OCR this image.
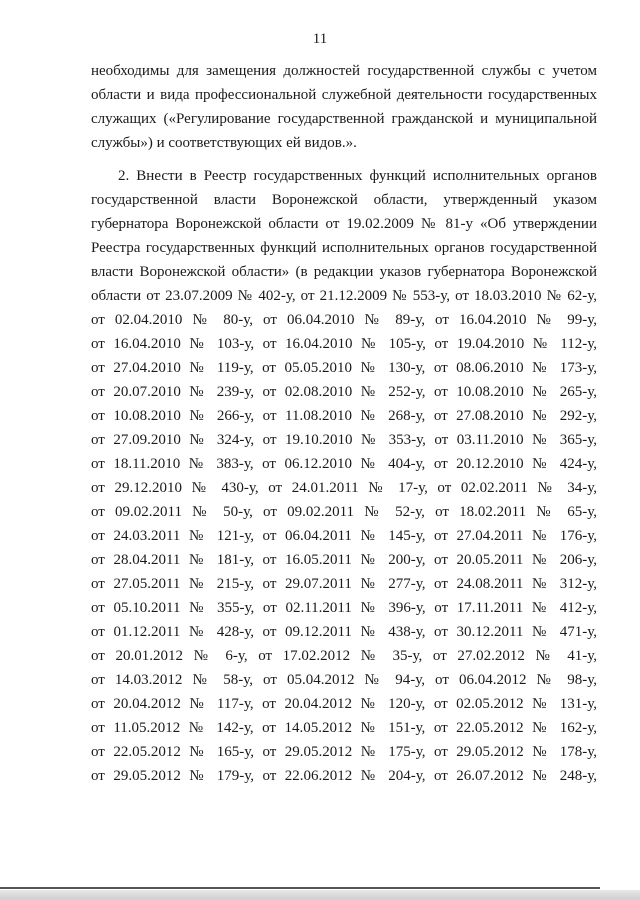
11
необходимы для замещения должностей государственной службы с учетом
области и вида профессиональной служебной деятельности государственных
служащих («Регулирование государственной гражданской и муниципальной
службы») и соответствующих ей видов.».
2. Внести в Реестр государственных функций исполнительных органов
государственной власти Воронежской области, утвержденный указом
губернатора Воронежской области от 19.02.2009 № 81-у «Об утверждении
Реестра государственных функций исполнительных органов государственной
власти Воронежской области» (в редакции указов губернатора Воронежской
области от 23.07.2009 № 402-у, от 21.12.2009 № 553-у, от 18.03.2010 № 62-у,
от 02.04.2010 № 80-у, от 06.04.2010 № 89-у, от 16.04.2010 № 99-у,
от 16.04.2010 № 103-у, от 16.04.2010 № 105-у, от 19.04.2010 № 112-у,
от 27.04.2010 № 119-у, от 05.05.2010 № 130-у, от 08.06.2010 № 173-у,
от 20.07.2010 № 239-у, от 02.08.2010 № 252-у, от 10.08.2010 № 265-у,
от 10.08.2010 № 266-у, от 11.08.2010 № 268-у, от 27.08.2010 № 292-у,
от 27.09.2010 № 324-у, от 19.10.2010 № 353-у, от 03.11.2010 № 365-у,
от 18.11.2010 № 383-у, от 06.12.2010 № 404-у, от 20.12.2010 № 424-у,
от 29.12.2010 № 430-у, от 24.01.2011 № 17-у, от 02.02.2011 № 34-у,
от 09.02.2011 № 50-у, от 09.02.2011 № 52-у, от 18.02.2011 № 65-у,
от 24.03.2011 № 121-у, от 06.04.2011 № 145-у, от 27.04.2011 № 176-у,
от 28.04.2011 № 181-у, от 16.05.2011 № 200-у, от 20.05.2011 № 206-у,
от 27.05.2011 № 215-у, от 29.07.2011 № 277-у, от 24.08.2011 № 312-у,
от 05.10.2011 № 355-у, от 02.11.2011 № 396-у, от 17.11.2011 № 412-у,
от 01.12.2011 № 428-у, от 09.12.2011 № 438-у, от 30.12.2011 № 471-у,
от 20.01.2012 № 6-у, от 17.02.2012 № 35-у, от 27.02.2012 № 41-у,
от 14.03.2012 № 58-у, от 05.04.2012 № 94-у, от 06.04.2012 № 98-у,
от 20.04.2012 № 117-у, от 20.04.2012 № 120-у, от 02.05.2012 № 131-у,
от 11.05.2012 № 142-у, от 14.05.2012 № 151-у, от 22.05.2012 № 162-у,
от 22.05.2012 № 165-у, от 29.05.2012 № 175-у, от 29.05.2012 № 178-у,
от 29.05.2012 № 179-у, от 22.06.2012 № 204-у, от 26.07.2012 № 248-у,
